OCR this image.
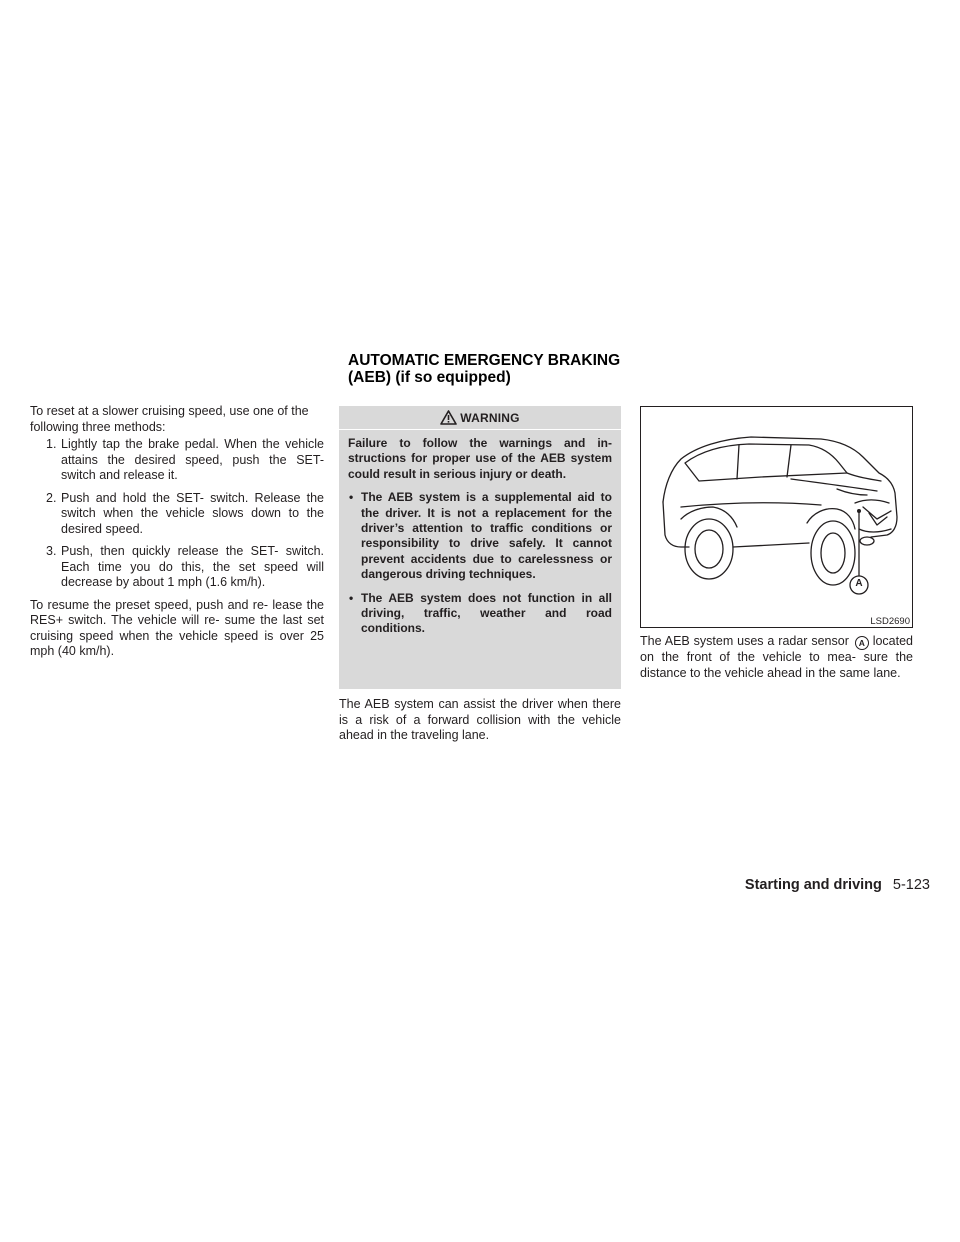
AUTOMATIC EMERGENCY BRAKING
(AEB) (if so equipped)

To reset at a slower cruising speed, use one of the following three methods:

1. Lightly tap the brake pedal. When the vehicle attains the desired speed, push the SET- switch and release it.
2. Push and hold the SET- switch. Release the switch when the vehicle slows down to the desired speed.
3. Push, then quickly release the SET- switch. Each time you do this, the set speed will decrease by about 1 mph (1.6 km/h).

To resume the preset speed, push and re- lease the RES+ switch. The vehicle will re- sume the last set cruising speed when the vehicle speed is over 25 mph (40 km/h).

WARNING

Failure to follow the warnings and in- structions for proper use of the AEB system could result in serious injury or death.

• The AEB system is a supplemental aid to the driver. It is not a replacement for the driver’s attention to traffic conditions or responsibility to drive safely. It cannot prevent accidents due to carelessness or dangerous driving techniques.
• The AEB system does not function in all driving, traffic, weather and road conditions.

The AEB system can assist the driver when there is a risk of a forward collision with the vehicle ahead in the traveling lane.

A
LSD2690

The AEB system uses a radar sensor A located on the front of the vehicle to mea- sure the distance to the vehicle ahead in the same lane.

Starting and driving 5-123
